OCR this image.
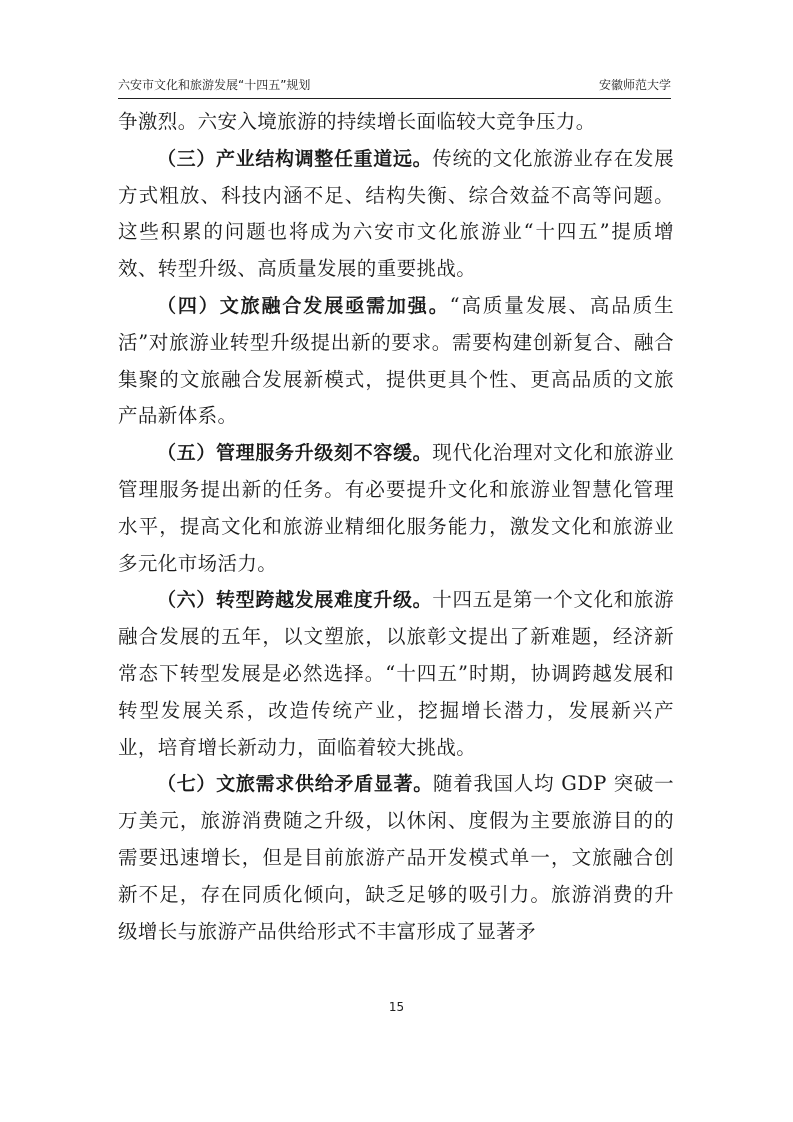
六安市文化和旅游发展“十四五”规划	安徽师范大学

争激烈。六安入境旅游的持续增长面临较大竞争压力。

（三）产业结构调整任重道远。传统的文化旅游业存在发展方式粗放、科技内涵不足、结构失衡、综合效益不高等问题。这些积累的问题也将成为六安市文化旅游业“十四五”提质增效、转型升级、高质量发展的重要挑战。

（四）文旅融合发展亟需加强。“高质量发展、高品质生活”对旅游业转型升级提出新的要求。需要构建创新复合、融合集聚的文旅融合发展新模式，提供更具个性、更高品质的文旅产品新体系。

（五）管理服务升级刻不容缓。现代化治理对文化和旅游业管理服务提出新的任务。有必要提升文化和旅游业智慧化管理水平，提高文化和旅游业精细化服务能力，激发文化和旅游业多元化市场活力。

（六）转型跨越发展难度升级。十四五是第一个文化和旅游融合发展的五年，以文塑旅，以旅彰文提出了新难题，经济新常态下转型发展是必然选择。“十四五”时期，协调跨越发展和转型发展关系，改造传统产业，挖掘增长潜力，发展新兴产业，培育增长新动力，面临着较大挑战。

（七）文旅需求供给矛盾显著。随着我国人均 GDP 突破一万美元，旅游消费随之升级，以休闲、度假为主要旅游目的的需要迅速增长，但是目前旅游产品开发模式单一，文旅融合创新不足，存在同质化倾向，缺乏足够的吸引力。旅游消费的升级增长与旅游产品供给形式不丰富形成了显著矛

15
